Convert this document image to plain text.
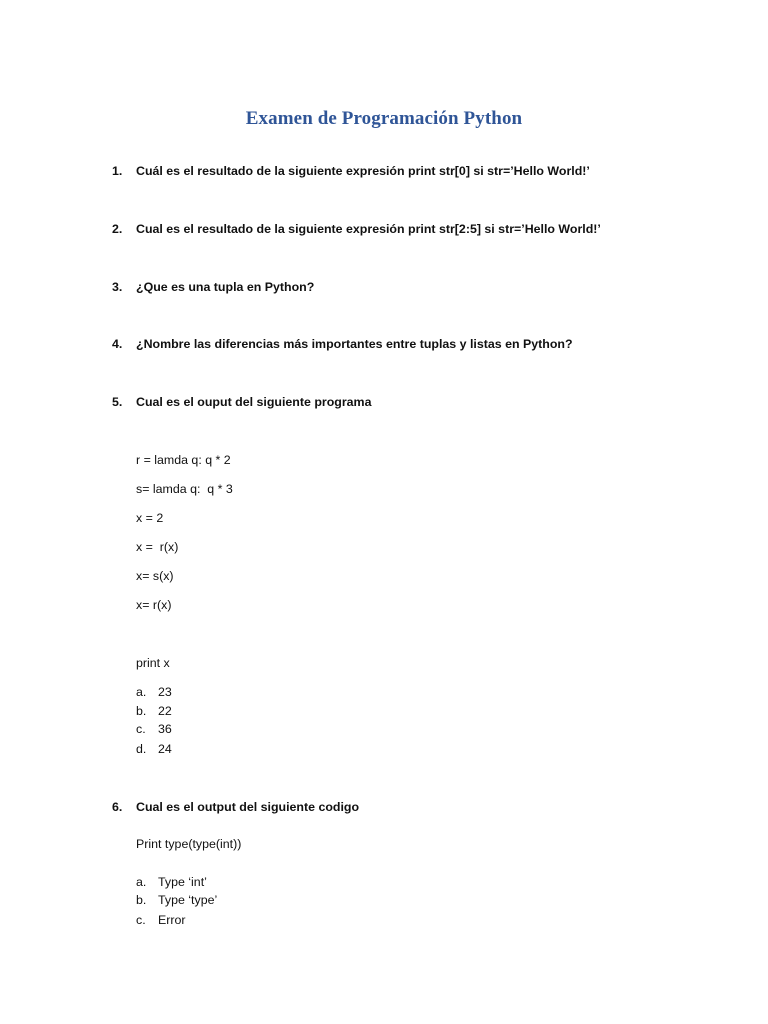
Examen de Programación Python
1. Cuál es el resultado de la siguiente expresión print str[0] si str=’Hello World!’
2. Cual es el resultado de la siguiente expresión print str[2:5] si str=’Hello World!’
3. ¿Que es una tupla en Python?
4. ¿Nombre las diferencias más importantes entre tuplas y listas en Python?
5. Cual es el ouput del siguiente programa
r = lamda q: q * 2
s= lamda q:  q * 3
x = 2
x =  r(x)
x= s(x)
x= r(x)
print x
a. 23
b. 22
c. 36
d. 24
6. Cual es el output del siguiente codigo
Print type(type(int))
a. Type ‘int’
b. Type ‘type’
c. Error
